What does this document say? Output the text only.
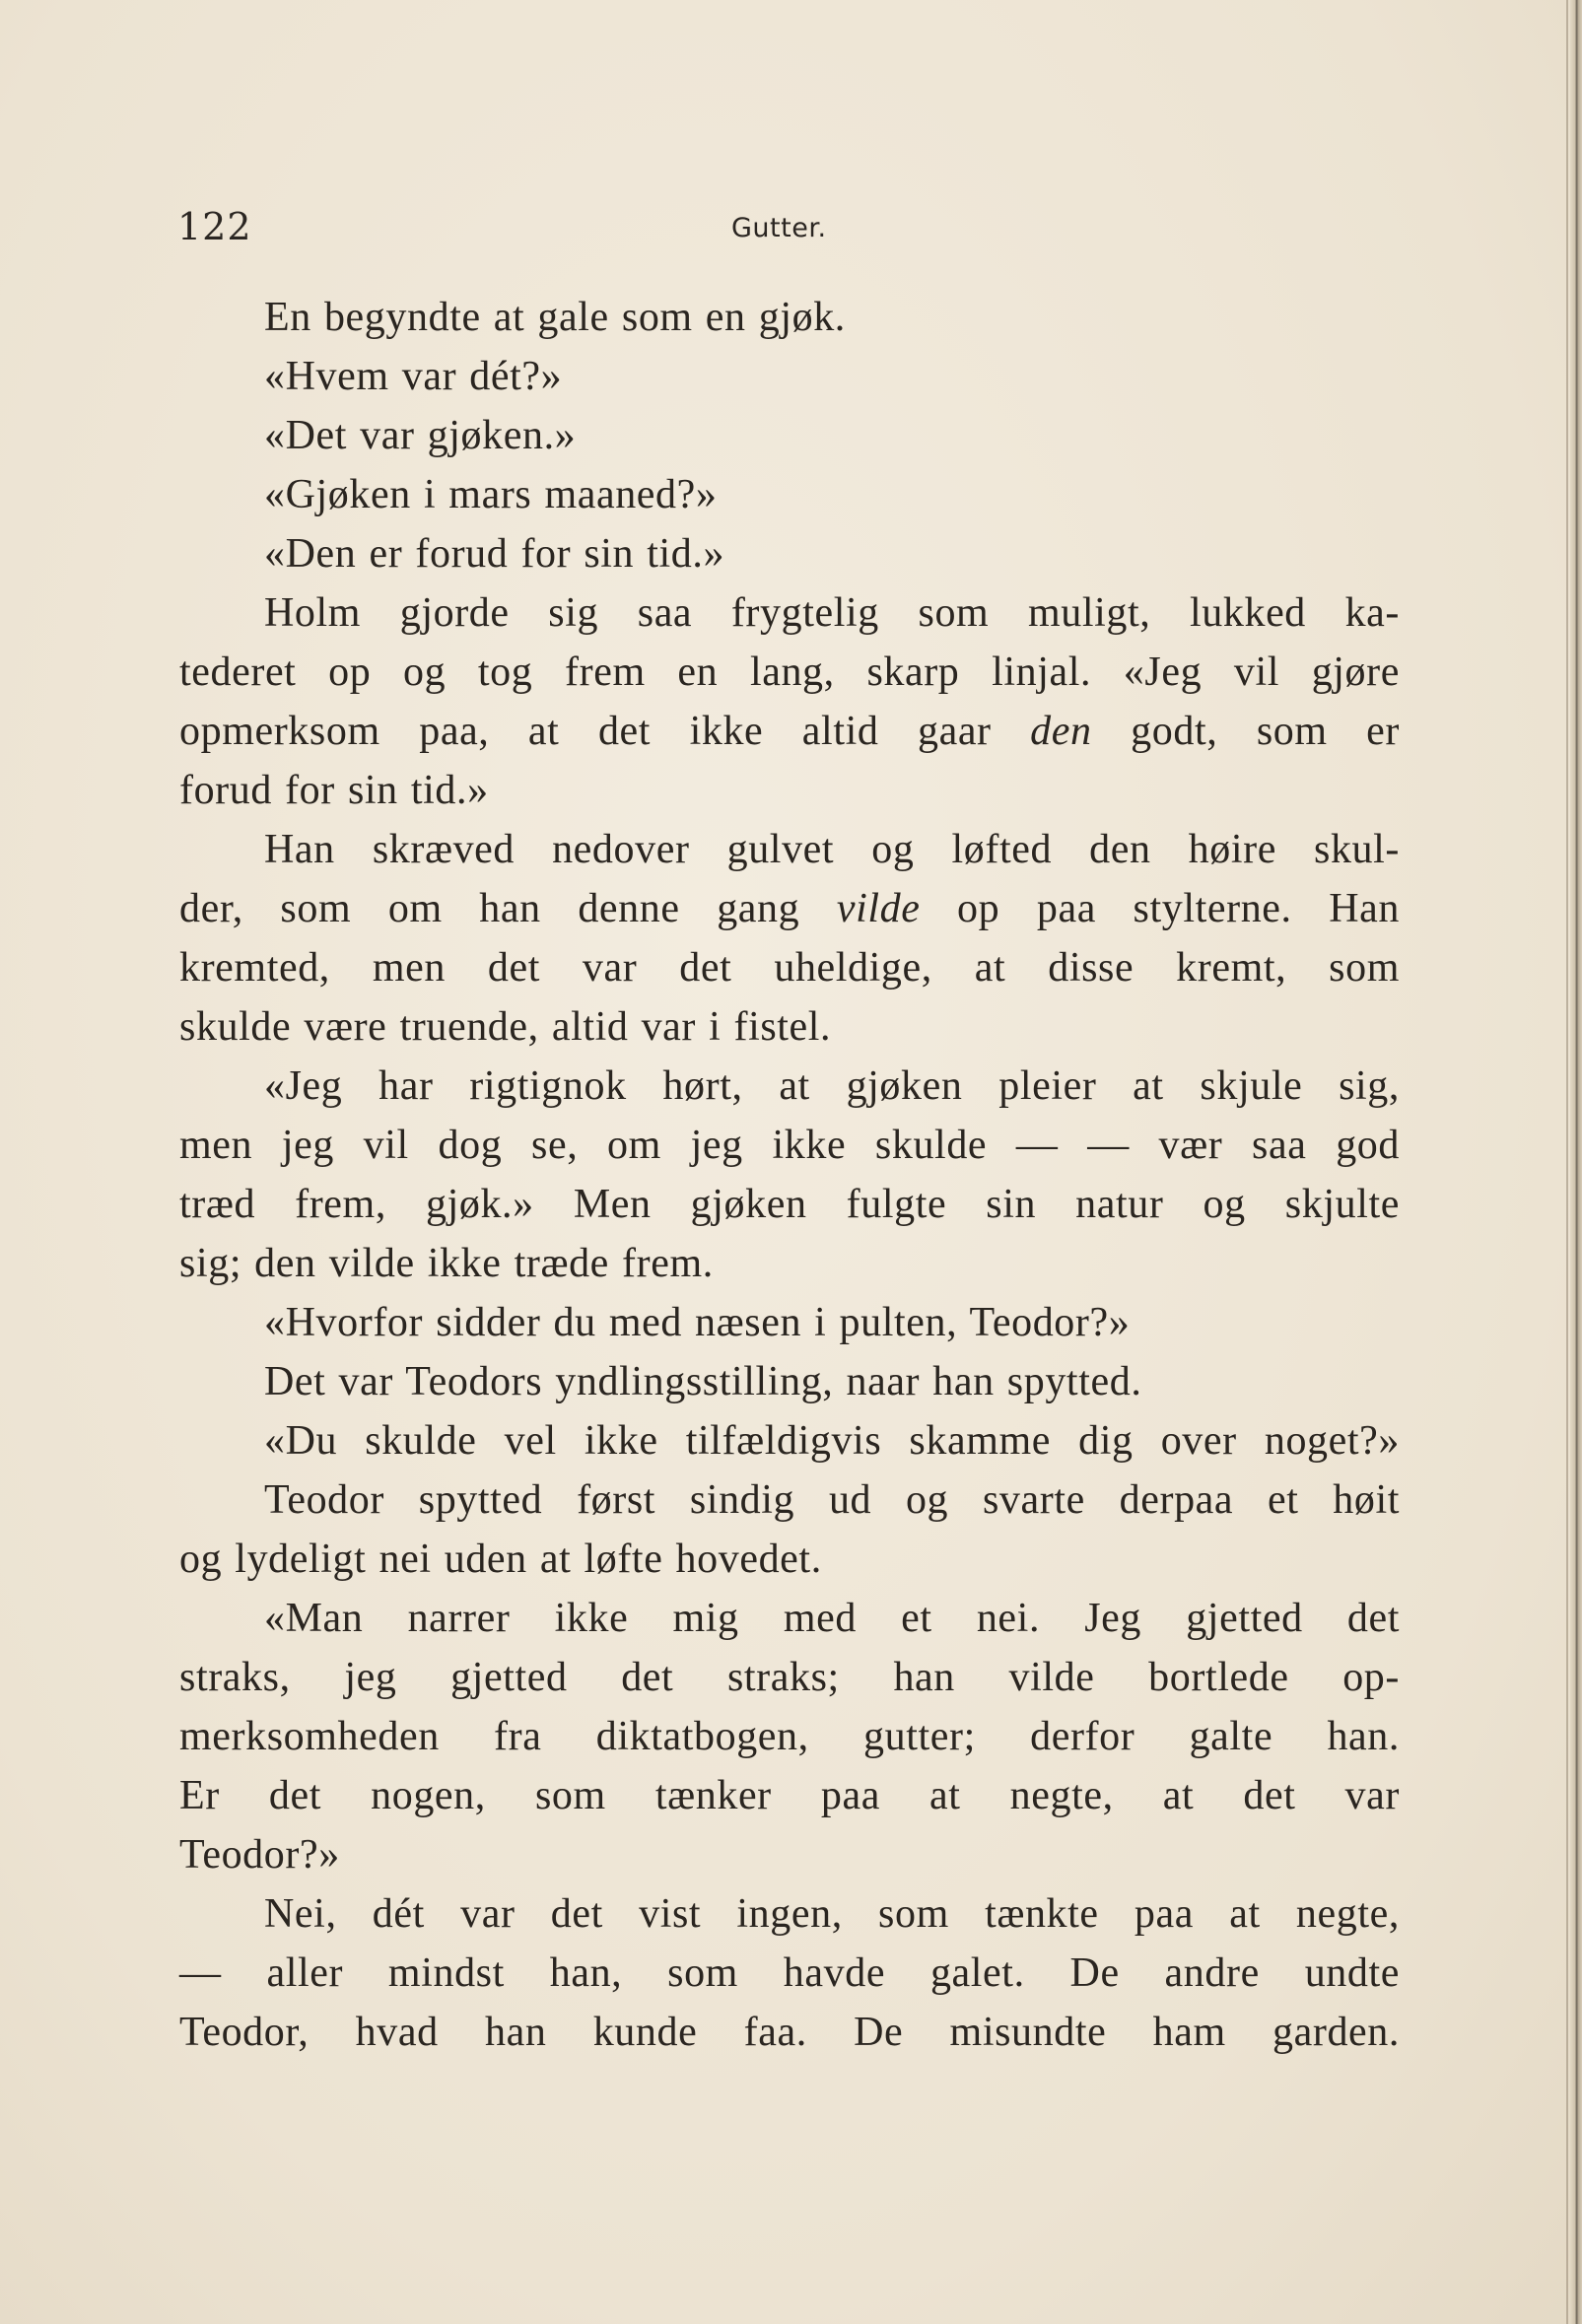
122	Gutter.
En begyndte at gale som en gjøk.
«Hvem var dét?»
«Det var gjøken.»
«Gjøken i mars maaned?»
«Den er forud for sin tid.»
Holm gjorde sig saa frygtelig som muligt, lukked ka-
tederet op og tog frem en lang, skarp linjal. «Jeg vil gjøre
opmerksom paa, at det ikke altid gaar den godt, som er
forud for sin tid.»
Han skræved nedover gulvet og løfted den høire skul-
der, som om han denne gang vilde op paa stylterne. Han
kremted, men det var det uheldige, at disse kremt, som
skulde være truende, altid var i fistel.
«Jeg har rigtignok hørt, at gjøken pleier at skjule sig,
men jeg vil dog se, om jeg ikke skulde — — vær saa god
træd frem, gjøk.» Men gjøken fulgte sin natur og skjulte
sig; den vilde ikke træde frem.
«Hvorfor sidder du med næsen i pulten, Teodor?»
Det var Teodors yndlingsstilling, naar han spytted.
«Du skulde vel ikke tilfældigvis skamme dig over noget?»
Teodor spytted først sindig ud og svarte derpaa et høit
og lydeligt nei uden at løfte hovedet.
«Man narrer ikke mig med et nei. Jeg gjetted det
straks, jeg gjetted det straks; han vilde bortlede op-
merksomheden fra diktatbogen, gutter; derfor galte han.
Er det nogen, som tænker paa at negte, at det var
Teodor?»
Nei, dét var det vist ingen, som tænkte paa at negte,
— aller mindst han, som havde galet. De andre undte
Teodor, hvad han kunde faa. De misundte ham garden.
